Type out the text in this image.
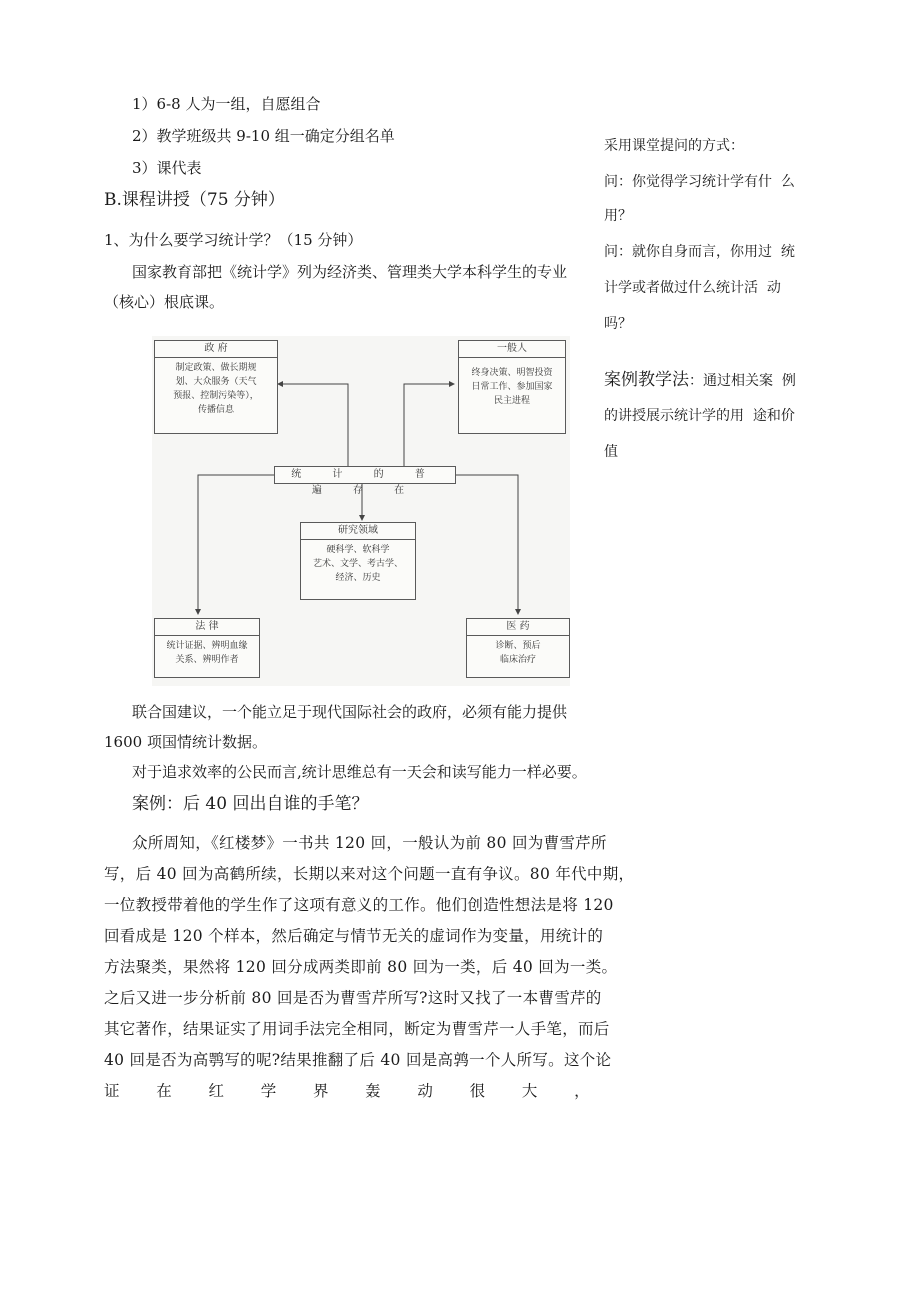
1）6-8 人为一组，自愿组合
2）教学班级共 9-10 组一确定分组名单
3）课代表
B.课程讲授（75 分钟）
1、为什么要学习统计学？（15 分钟）
国家教育部把《统计学》列为经济类、管理类大学本科学生的专业
（核心）根底课。
政 府
制定政策、做长期规
划、大众服务（天气
预报、控制污染等），
传播信息
一般人
终身决策、明智投资
日常工作、参加国家
民主进程
统 计 的 普 遍 存 在
研究领域
硬科学、软科学
艺术、文学、考古学、
经济、历史
法 律
统计证据、辨明血缘
关系、辨明作者
医 药
诊断、预后
临床治疗
联合国建议，一个能立足于现代国际社会的政府，必须有能力提供
1600 项国情统计数据。
对于追求效率的公民而言,统计思维总有一天会和读写能力一样必要。
案例：后 40 回出自谁的手笔？
众所周知，《红楼梦》一书共 120 回，一般认为前 80 回为曹雪芹所
写，后 40 回为高鹤所续，长期以来对这个问题一直有争议。80 年代中期，
一位教授带着他的学生作了这项有意义的工作。他们创造性想法是将 120
回看成是 120 个样本，然后确定与情节无关的虚词作为变量，用统计的
方法聚类，果然将 120 回分成两类即前 80 回为一类，后 40 回为一类。
之后又进一步分析前 80 回是否为曹雪芹所写?这时又找了一本曹雪芹的
其它著作，结果证实了用词手法完全相同，断定为曹雪芹一人手笔，而后
40 回是否为高鹗写的呢?结果推翻了后 40 回是高鹑一个人所写。这个论
证 在 红 学 界 轰 动 很 大 ，
采用课堂提问的方式：
问：你觉得学习统计学有什  么
用？
问：就你自身而言，你用过  统
计学或者做过什么统计活  动
吗？
案例教学法：通过相关案  例
的讲授展示统计学的用  途和价
值
